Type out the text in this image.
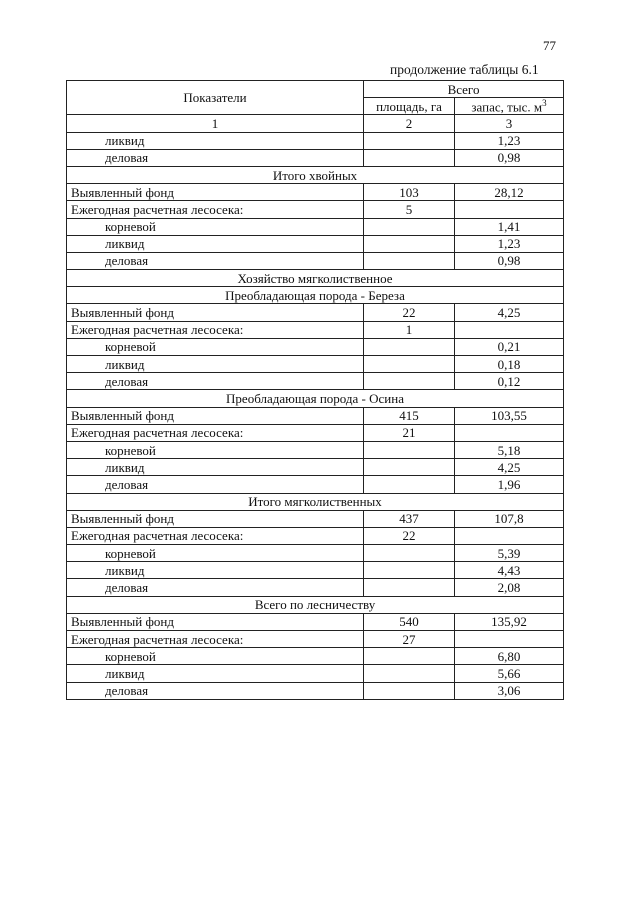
77
продолжение таблицы 6.1
Показатели	Всего	
	площадь, га	запас, тыс. $м^3$
1	2	3
ликвид		1,23
деловая		0,98
Итого хвойных		
Выявленный фонд	103	28,12
Ежегодная расчетная лесосека:	5	
корневой		1,41
ликвид		1,23
деловая		0,98
Хозяйство мягколиственное		
Преобладающая порода - Береза		
Выявленный фонд	22	4,25
Ежегодная расчетная лесосека:	1	
корневой		0,21
ликвид		0,18
деловая		0,12
Преобладающая порода - Осина		
Выявленный фонд	415	103,55
Ежегодная расчетная лесосека:	21	
корневой		5,18
ликвид		4,25
деловая		1,96
Итого мягколиственных		
Выявленный фонд	437	107,8
Ежегодная расчетная лесосека:	22	
корневой		5,39
ликвид		4,43
деловая		2,08
Всего по лесничеству		
Выявленный фонд	540	135,92
Ежегодная расчетная лесосека:	27	
корневой		6,80
ликвид		5,66
деловая		3,06
